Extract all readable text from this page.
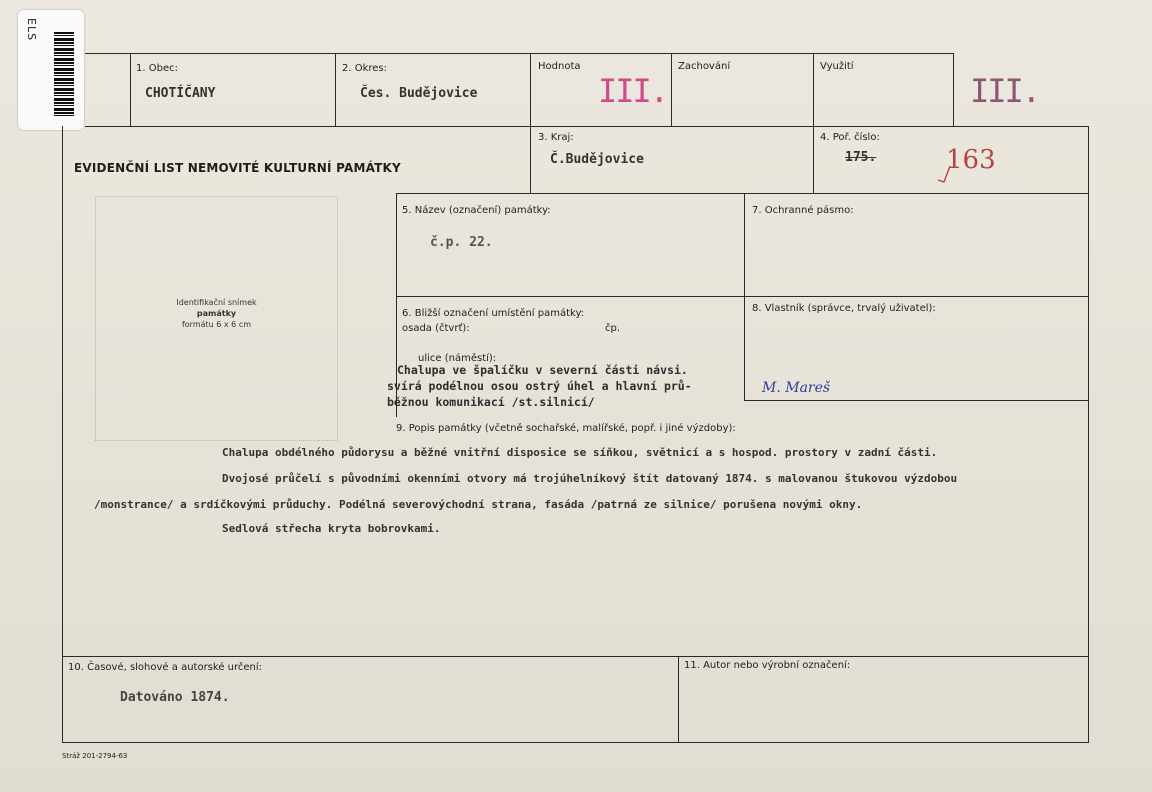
ELS
1. Obec:
CHOTÍČANY
2. Okres:
Čes. Budějovice
Hodnota
III.
Zachování	Využití
III.
EVIDENČNÍ LIST NEMOVITÉ KULTURNÍ PAMÁTKY
3. Kraj:
Č.Budějovice
4. Poř. číslo:
175.	163
Identifikační snímek
památky
formátu 6 x 6 cm
5. Název (označení) památky:
č.p. 22.
7. Ochranné pásmo:
6. Bližší označení umístění památky:
osada (čtvrť):	čp.
ulice (náměstí):
Chalupa ve špalíčku v severní části návsi.
svírá podélnou osou ostrý úhel a hlavní prů-
běžnou komunikací /st.silnicí/
8. Vlastník (správce, trvalý uživatel):
M. Mareš
9. Popis památky (včetně sochařské, malířské, popř. i jiné výzdoby):
Chalupa obdélného půdorysu a běžné vnitřní disposice se síňkou, světnicí a s hospod. prostory v zadní části.
Dvojosé průčelí s původními okenními otvory má trojúhelníkový štít datovaný 1874. s malovanou štukovou výzdobou
/monstrance/ a srdíčkovými průduchy. Podélná severovýchodní strana, fasáda /patrná ze silnice/ porušena novými okny.
Sedlová střecha kryta bobrovkami.
10. Časové, slohové a autorské určení:
Datováno 1874.
11. Autor nebo výrobní označení:
Stráž 201-2794-63
